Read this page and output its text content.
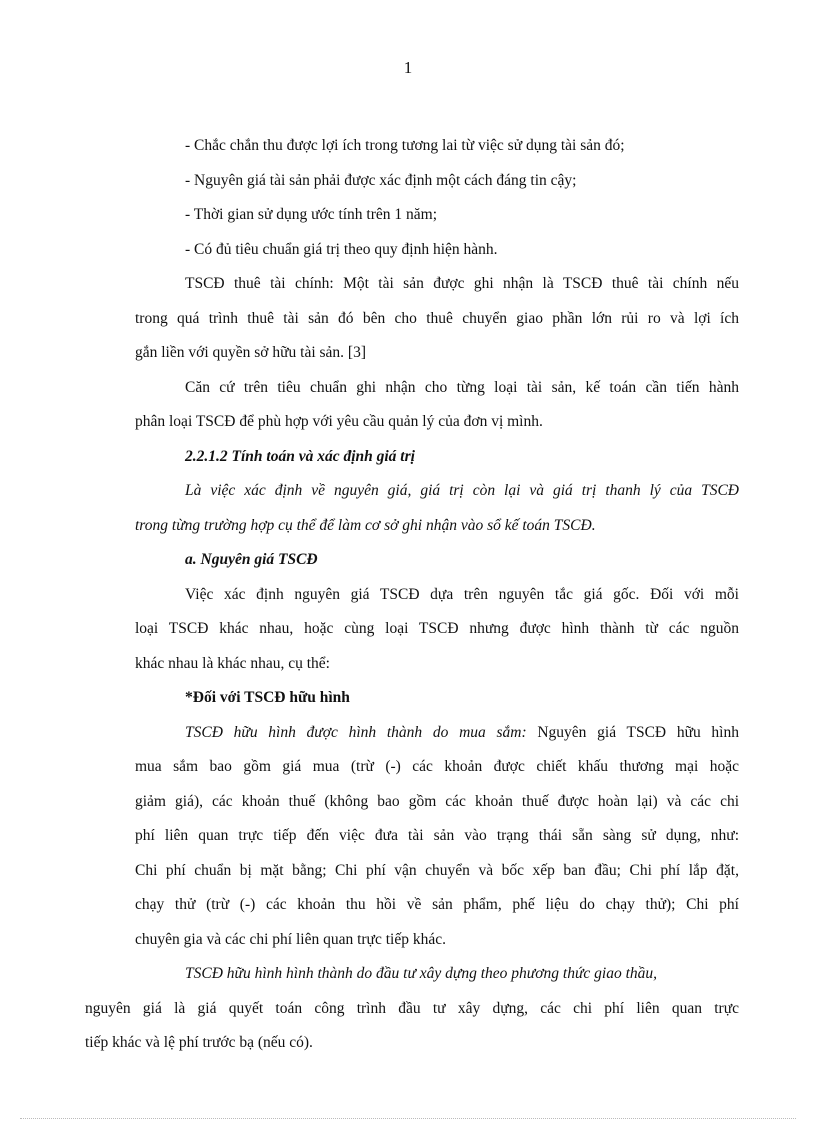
1
- Chắc chắn thu được lợi ích trong tương lai từ việc sử dụng tài sản đó;
- Nguyên giá tài sản phải được xác định một cách đáng tin cậy;
- Thời gian sử dụng ước tính trên 1 năm;
- Có đủ tiêu chuẩn giá trị theo quy định hiện hành.
TSCĐ thuê tài chính: Một tài sản được ghi nhận là TSCĐ thuê tài chính nếu
trong quá trình thuê tài sản đó bên cho thuê chuyển giao phần lớn rủi ro và lợi ích
gắn liền với quyền sở hữu tài sản. [3]
Căn cứ trên tiêu chuẩn ghi nhận cho từng loại tài sản, kế toán cần tiến hành
phân loại TSCĐ để phù hợp với yêu cầu quản lý của đơn vị mình.
2.2.1.2 Tính toán và xác định giá trị
Là việc xác định về nguyên giá, giá trị còn lại và giá trị thanh lý của TSCĐ
trong từng trường hợp cụ thể để làm cơ sở ghi nhận vào sổ kế toán TSCĐ.
a. Nguyên giá TSCĐ
Việc xác định nguyên giá TSCĐ dựa trên nguyên tắc giá gốc. Đối với mỗi
loại TSCĐ khác nhau, hoặc cùng loại TSCĐ nhưng được hình thành từ các nguồn
khác nhau là khác nhau, cụ thể:
*Đối với TSCĐ hữu hình
TSCĐ hữu hình được hình thành do mua sắm: Nguyên giá TSCĐ hữu hình
mua sắm bao gồm giá mua (trừ (-) các khoản được chiết khấu thương mại hoặc
giảm giá), các khoản thuế (không bao gồm các khoản thuế được hoàn lại) và các chi
phí liên quan trực tiếp đến việc đưa tài sản vào trạng thái sẵn sàng sử dụng, như:
Chi phí chuẩn bị mặt bằng; Chi phí vận chuyển và bốc xếp ban đầu; Chi phí lắp đặt,
chạy thử (trừ (-) các khoản thu hồi về sản phẩm, phế liệu do chạy thử); Chi phí
chuyên gia và các chi phí liên quan trực tiếp khác.
TSCĐ hữu hình hình thành do đầu tư xây dựng theo phương thức giao thầu,
nguyên giá là giá quyết toán công trình đầu tư xây dựng, các chi phí liên quan trực
tiếp khác và lệ phí trước bạ (nếu có).
